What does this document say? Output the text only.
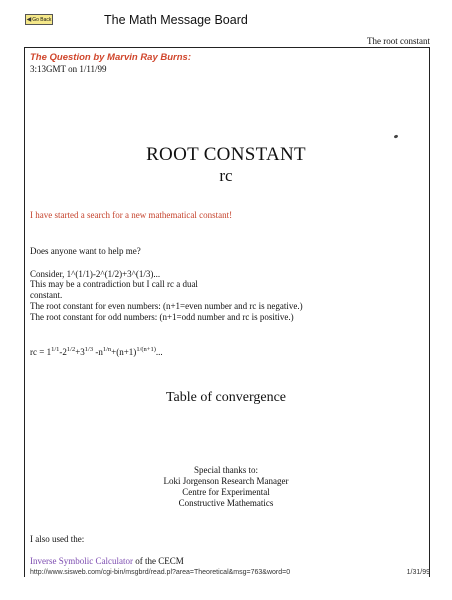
◀ Go Back	The Math Message Board
The root constant
The Question by Marvin Ray Burns:
3:13GMT on 1/11/99
ROOT CONSTANT
rc
I have started a search for a new mathematical constant!
Does anyone want to help me?
Consider, 1^(1/1)-2^(1/2)+3^(1/3)...
This may be a contradiction but I call rc a dual
constant.
The root constant for even numbers: (n+1=even number and rc is negative.)
The root constant for odd numbers: (n+1=odd number and rc is positive.)
rc = $1^{1/1}-2^{1/2}+3^{1/3}$ $-n^{1/n}+(n+1)^{1/(n+1)}$...
Table of convergence
Special thanks to:
Loki Jorgenson Research Manager
Centre for Experimental
Constructive Mathematics
I also used the:
Inverse Symbolic Calculator of the CECM
http://www.sisweb.com/cgi-bin/msgbrd/read.pl?area=Theoretical&msg=763&word=0	1/31/99
